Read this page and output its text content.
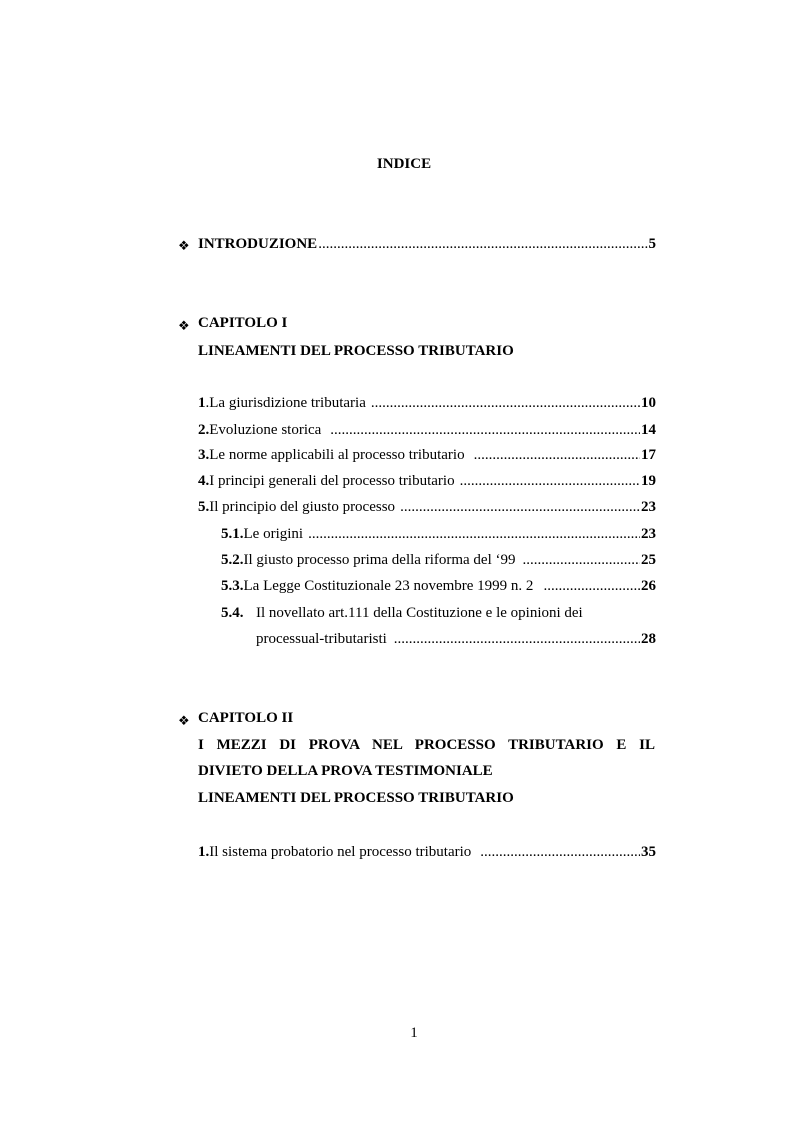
INDICE
❖ INTRODUZIONE .....	5
❖ CAPITOLO I
LINEAMENTI DEL PROCESSO TRIBUTARIO
1. La giurisdizione tributaria .....	10
2. Evoluzione storica .....	14
3. Le norme applicabili al processo tributario .....	17
4. I principi generali del processo tributario .....	19
5. Il principio del giusto processo .....	23
5.1. Le origini .....	23
5.2. Il giusto processo prima della riforma del ‘99 .....	25
5.3. La Legge Costituzionale 23 novembre 1999 n. 2 .....	26
5.4. Il novellato art.111 della Costituzione e le opinioni dei
processual-tributaristi .....	28
❖ CAPITOLO II
I MEZZI DI PROVA NEL PROCESSO TRIBUTARIO E IL
DIVIETO DELLA PROVA TESTIMONIALE
LINEAMENTI DEL PROCESSO TRIBUTARIO
1. Il sistema probatorio nel processo tributario .....	35
1
